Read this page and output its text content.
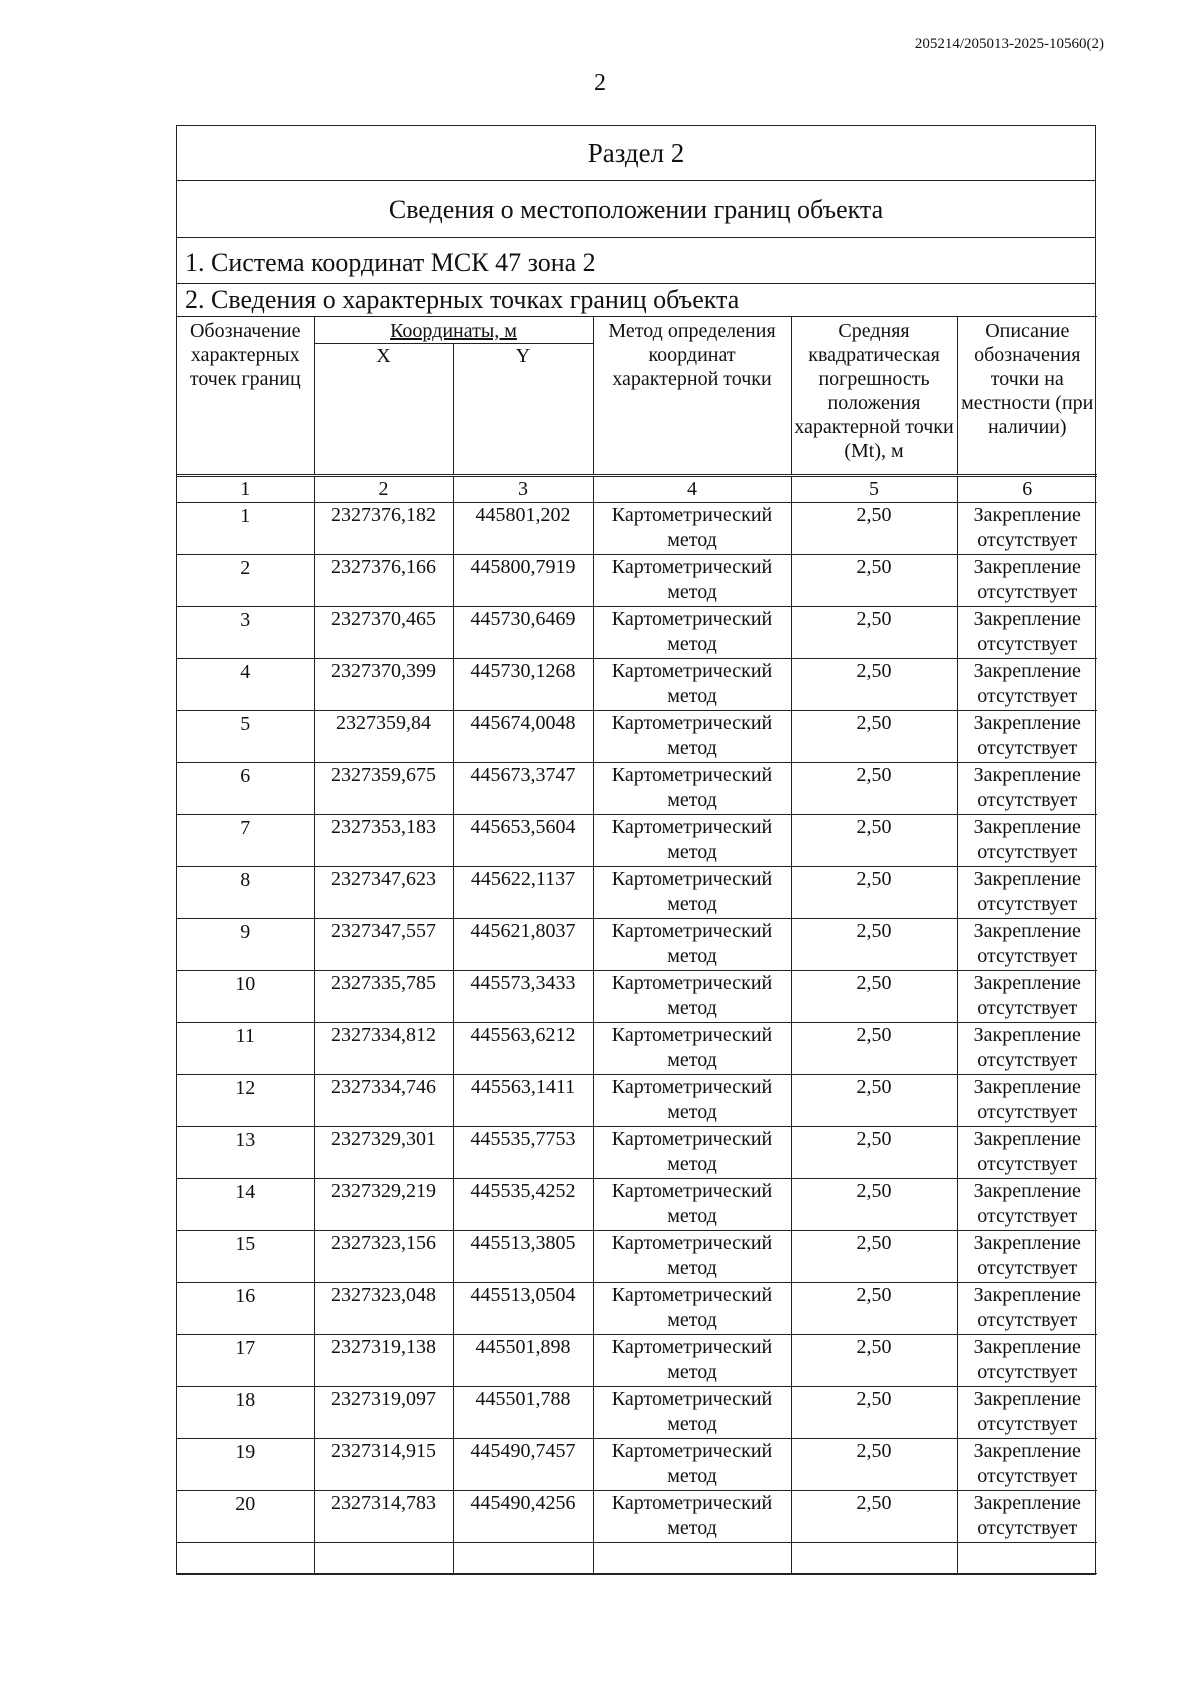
205214/205013-2025-10560(2)
2
Раздел 2
Сведения о местоположении границ объекта
1. Система координат МСК 47 зона 2
2. Сведения о характерных точках границ объекта
Обозначение характерных точек границ	Координаты, м		Метод определения координат характерной точки	Средняя квадратическая погрешность положения характерной точки (Mt), м	Описание обозначения точки на местности (при наличии)
	X	Y			
1	2	3	4	5	6
1	2327376,182	445801,202	Картометрический метод	2,50	Закрепление отсутствует
2	2327376,166	445800,7919	Картометрический метод	2,50	Закрепление отсутствует
3	2327370,465	445730,6469	Картометрический метод	2,50	Закрепление отсутствует
4	2327370,399	445730,1268	Картометрический метод	2,50	Закрепление отсутствует
5	2327359,84	445674,0048	Картометрический метод	2,50	Закрепление отсутствует
6	2327359,675	445673,3747	Картометрический метод	2,50	Закрепление отсутствует
7	2327353,183	445653,5604	Картометрический метод	2,50	Закрепление отсутствует
8	2327347,623	445622,1137	Картометрический метод	2,50	Закрепление отсутствует
9	2327347,557	445621,8037	Картометрический метод	2,50	Закрепление отсутствует
10	2327335,785	445573,3433	Картометрический метод	2,50	Закрепление отсутствует
11	2327334,812	445563,6212	Картометрический метод	2,50	Закрепление отсутствует
12	2327334,746	445563,1411	Картометрический метод	2,50	Закрепление отсутствует
13	2327329,301	445535,7753	Картометрический метод	2,50	Закрепление отсутствует
14	2327329,219	445535,4252	Картометрический метод	2,50	Закрепление отсутствует
15	2327323,156	445513,3805	Картометрический метод	2,50	Закрепление отсутствует
16	2327323,048	445513,0504	Картометрический метод	2,50	Закрепление отсутствует
17	2327319,138	445501,898	Картометрический метод	2,50	Закрепление отсутствует
18	2327319,097	445501,788	Картометрический метод	2,50	Закрепление отсутствует
19	2327314,915	445490,7457	Картометрический метод	2,50	Закрепление отсутствует
20	2327314,783	445490,4256	Картометрический метод	2,50	Закрепление отсутствует
